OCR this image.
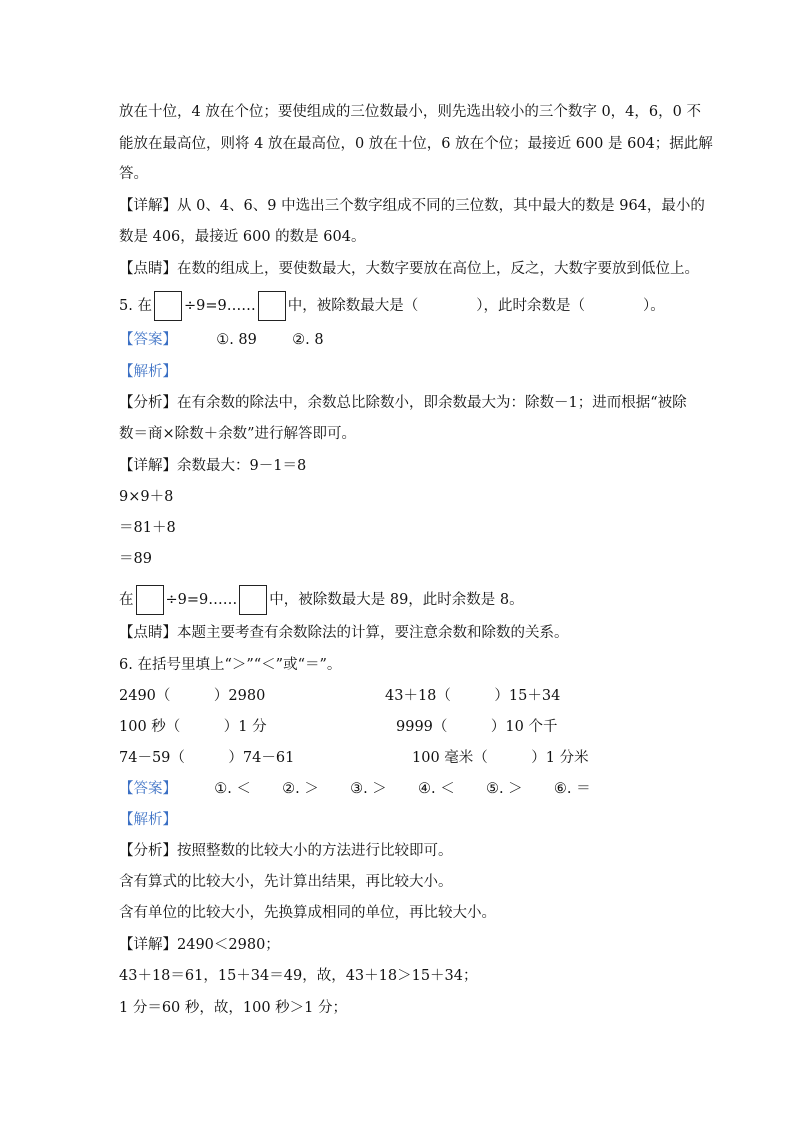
放在十位，4 放在个位；要使组成的三位数最小，则先选出较小的三个数字 0，4，6，0 不
能放在最高位，则将 4 放在最高位，0 放在十位，6 放在个位；最接近 600 是 604；据此解
答。
【详解】从 0、4、6、9 中选出三个数字组成不同的三位数，其中最大的数是 964，最小的
数是 406，最接近 600 的数是 604。
【点睛】在数的组成上，要使数最大，大数字要放在高位上，反之，大数字要放到低位上。
5. 在 ÷9=9…… 中，被除数最大是（　　　　），此时余数是（　　　　）。
【答案】	①. 89 ②. 8
【解析】
【分析】在有余数的除法中，余数总比除数小，即余数最大为：除数－1；进而根据“被除
数＝商×除数＋余数”进行解答即可。
【详解】余数最大：9－1＝8
9×9＋8
＝81＋8
＝89
在 ÷9=9…… 中，被除数最大是 89，此时余数是 8。
【点睛】本题主要考查有余数除法的计算，要注意余数和除数的关系。
6. 在括号里填上“＞”“＜”或“＝”。
2490（　　　）2980	43＋18（　　　）15＋34
100 秒（　　　）1 分	9999（　　　）10 个千
74－59（　　　）74－61	100 毫米（　　　）1 分米
【答案】	①. ＜ ②. ＞ ③. ＞ ④. ＜ ⑤. ＞ ⑥. ＝
【解析】
【分析】按照整数的比较大小的方法进行比较即可。
含有算式的比较大小，先计算出结果，再比较大小。
含有单位的比较大小，先换算成相同的单位，再比较大小。
【详解】2490＜2980；
43＋18＝61，15＋34＝49，故，43＋18＞15＋34；
1 分＝60 秒，故，100 秒＞1 分；
